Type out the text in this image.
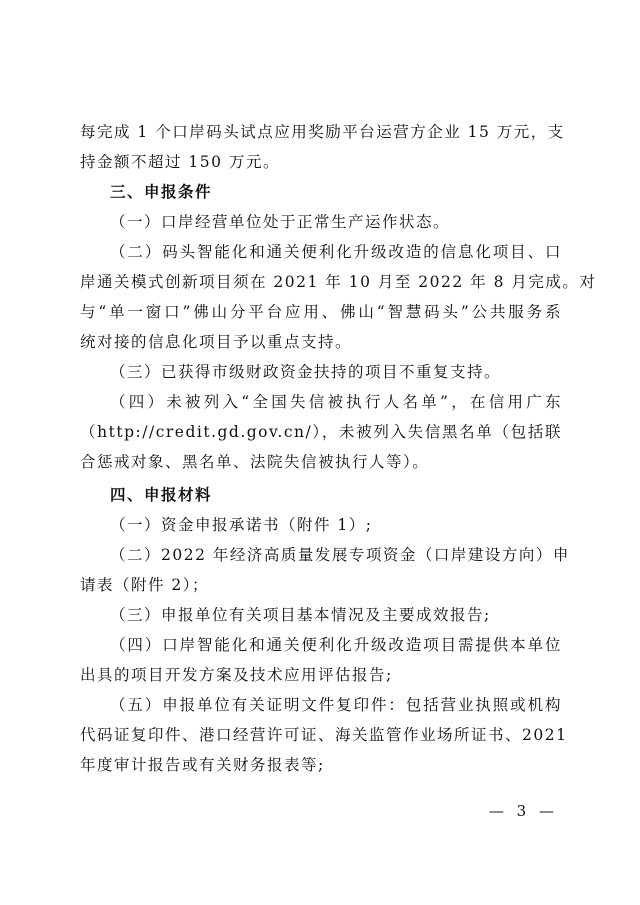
每完成 1 个口岸码头试点应用奖励平台运营方企业 15 万元，支
持金额不超过 150 万元。
三、申报条件
（一）口岸经营单位处于正常生产运作状态。
（二）码头智能化和通关便利化升级改造的信息化项目、口
岸通关模式创新项目须在 2021 年 10 月至 2022 年 8 月完成。对
与“单一窗口”佛山分平台应用、佛山“智慧码头”公共服务系
统对接的信息化项目予以重点支持。
（三）已获得市级财政资金扶持的项目不重复支持。
（四）未被列入“全国失信被执行人名单”，在信用广东
（http://credit.gd.gov.cn/），未被列入失信黑名单（包括联
合惩戒对象、黑名单、法院失信被执行人等）。
四、申报材料
（一）资金申报承诺书（附件 1）;
（二）2022 年经济高质量发展专项资金（口岸建设方向）申
请表（附件 2）；
（三）申报单位有关项目基本情况及主要成效报告;
（四）口岸智能化和通关便利化升级改造项目需提供本单位
出具的项目开发方案及技术应用评估报告;
（五）申报单位有关证明文件复印件：包括营业执照或机构
代码证复印件、港口经营许可证、海关监管作业场所证书、2021
年度审计报告或有关财务报表等;
— 3 —
